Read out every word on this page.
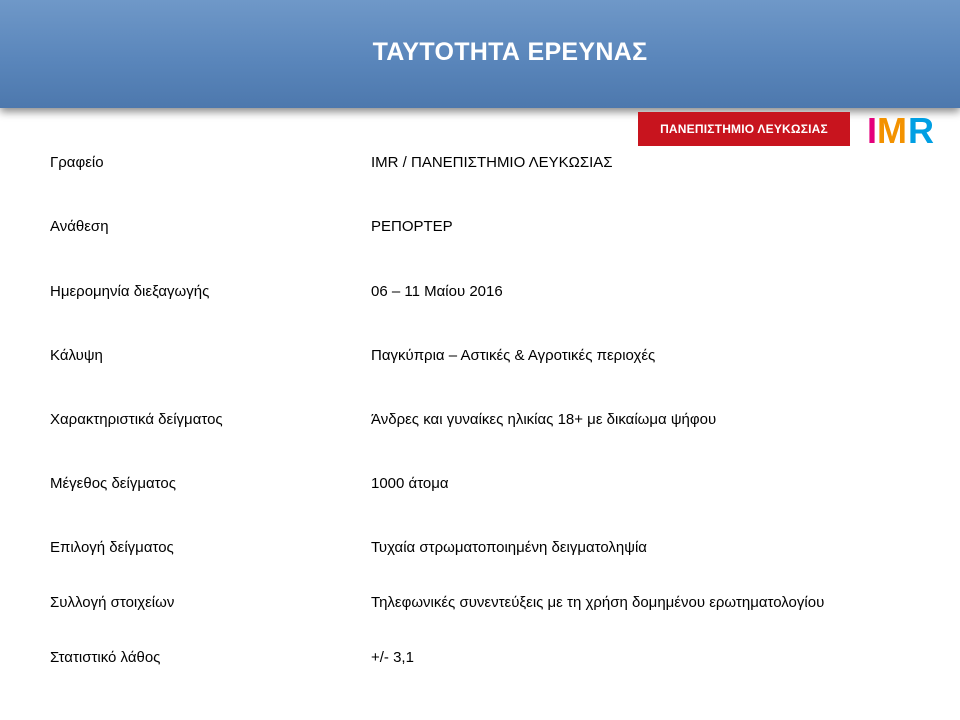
ΤΑΥΤΟΤΗΤΑ ΕΡΕΥΝΑΣ
ΠΑΝΕΠΙΣΤΗΜΙΟ ΛΕΥΚΩΣΙΑΣ	I M R
Γραφείο	IMR / ΠΑΝΕΠΙΣΤΗΜΙΟ ΛΕΥΚΩΣΙΑΣ
Ανάθεση	ΡΕΠΟΡΤΕΡ
Ημερομηνία διεξαγωγής	06 – 11 Μαίου 2016
Κάλυψη	Παγκύπρια – Αστικές & Αγροτικές περιοχές
Χαρακτηριστικά δείγματος	Άνδρες και γυναίκες ηλικίας 18+ με δικαίωμα ψήφου
Μέγεθος δείγματος	1000 άτομα
Επιλογή δείγματος	Τυχαία στρωματοποιημένη δειγματοληψία
Συλλογή στοιχείων	Τηλεφωνικές συνεντεύξεις με τη χρήση δομημένου ερωτηματολογίου
Στατιστικό λάθος	+/- 3,1
